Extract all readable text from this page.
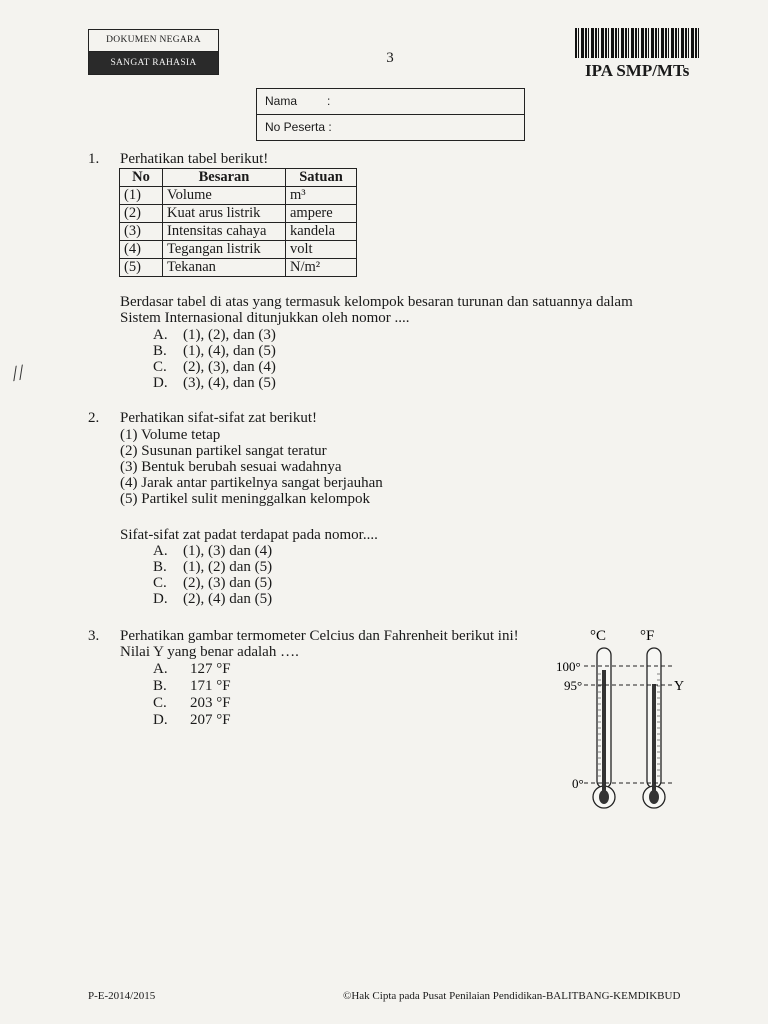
DOKUMEN NEGARA
SANGAT RAHASIA	3
IPA SMP/MTs
Nama :
No Peserta :
//
1. Perhatikan tabel berikut!
No	Besaran	Satuan
(1)	Volume	m³
(2)	Kuat arus listrik	ampere
(3)	Intensitas cahaya	kandela
(4)	Tegangan listrik	volt
(5)	Tekanan	N/m²
Berdasar tabel di atas yang termasuk kelompok besaran turunan dan satuannya dalam
Sistem Internasional ditunjukkan oleh nomor ....
A. (1), (2), dan (3)
B. (1), (4), dan (5)
C. (2), (3), dan (4)
D. (3), (4), dan (5)
2. Perhatikan sifat-sifat zat berikut!
(1) Volume tetap
(2) Susunan partikel sangat teratur
(3) Bentuk berubah sesuai wadahnya
(4) Jarak antar partikelnya sangat berjauhan
(5) Partikel sulit meninggalkan kelompok
Sifat-sifat zat padat terdapat pada nomor....
A. (1), (3) dan (4)
B. (1), (2) dan (5)
C. (2), (3) dan (5)
D. (2), (4) dan (5)
3. Perhatikan gambar termometer Celcius dan Fahrenheit berikut ini!
Nilai Y yang benar adalah ….
A. 127 °F
B. 171 °F
C. 203 °F
D. 207 °F
°C °F
100°
95°
0°
Y
P-E-2014/2015	©Hak Cipta pada Pusat Penilaian Pendidikan-BALITBANG-KEMDIKBUD
